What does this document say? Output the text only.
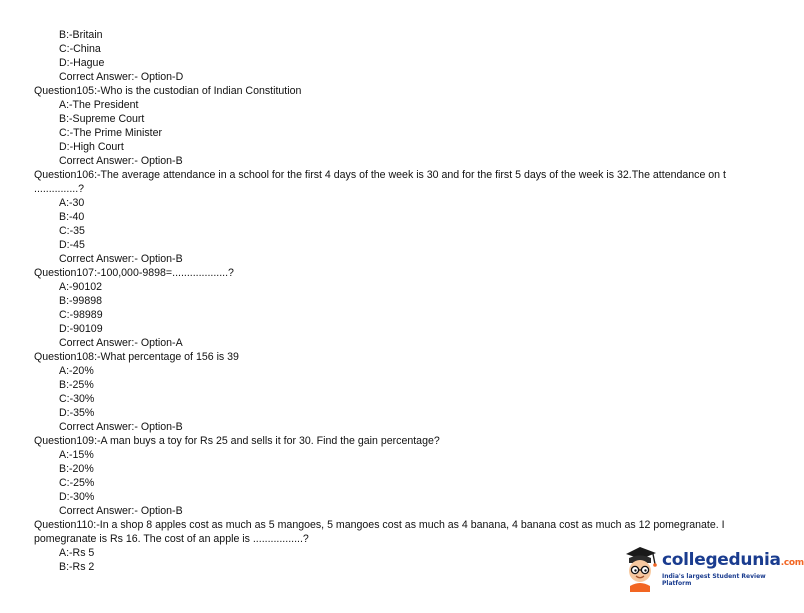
B:-Britain
C:-China
D:-Hague
Correct Answer:- Option-D
Question105:-Who is the custodian of Indian Constitution
A:-The President
B:-Supreme Court
C:-The Prime Minister
D:-High Court
Correct Answer:- Option-B
Question106:-The average attendance in a school for the first 4 days of the week is 30 and for the first 5 days of the week is 32.The attendance on t
...............?
A:-30
B:-40
C:-35
D:-45
Correct Answer:- Option-B
Question107:-100,000-9898=...................?
A:-90102
B:-99898
C:-98989
D:-90109
Correct Answer:- Option-A
Question108:-What percentage of 156 is 39
A:-20%
B:-25%
C:-30%
D:-35%
Correct Answer:- Option-B
Question109:-A man buys a toy for Rs 25 and sells it for 30. Find the gain percentage?
A:-15%
B:-20%
C:-25%
D:-30%
Correct Answer:- Option-B
Question110:-In a shop 8 apples cost as much as 5 mangoes, 5 mangoes cost as much as 4 banana, 4 banana cost as much as 12 pomegranate. I
pomegranate is Rs 16. The cost of an apple is .................?
A:-Rs 5
B:-Rs 2	collegedunia.com
India's largest Student Review Platform
